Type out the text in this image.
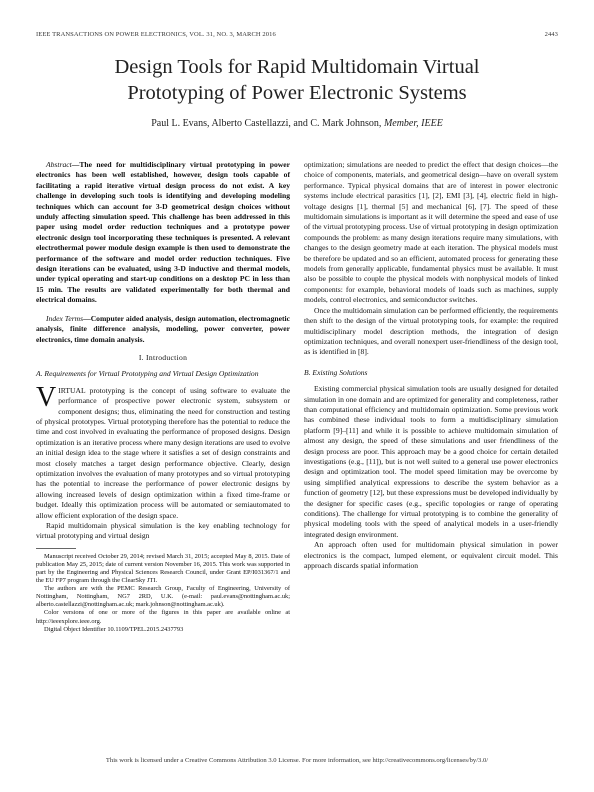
IEEE TRANSACTIONS ON POWER ELECTRONICS, VOL. 31, NO. 3, MARCH 2016	2443
Design Tools for Rapid Multidomain Virtual
Prototyping of Power Electronic Systems
Paul L. Evans, Alberto Castellazzi, and C. Mark Johnson, Member, IEEE

Abstract—The need for multidisciplinary virtual prototyping in power electronics has been well established, however, design tools capable of facilitating a rapid iterative virtual design process do not exist. A key challenge in developing such tools is identifying and developing modeling techniques which can account for 3-D geometrical design choices without unduly affecting simulation speed. This challenge has been addressed in this paper using model order reduction techniques and a prototype power electronic design tool incorporating these techniques is presented. A relevant electrothermal power module design example is then used to demonstrate the performance of the software and model order reduction techniques. Five design iterations can be evaluated, using 3-D inductive and thermal models, under typical operating and start-up conditions on a desktop PC in less than 15 min. The results are validated experimentally for both thermal and electrical domains.

Index Terms—Computer aided analysis, design automation, electromagnetic analysis, finite difference analysis, modeling, power converter, power electronics, time domain analysis.

I. Introduction
A. Requirements for Virtual Prototyping and Virtual Design Optimization

VIRTUAL prototyping is the concept of using software to evaluate the performance of prospective power electronic system, subsystem or component designs; thus, eliminating the need for construction and testing of physical prototypes. Virtual prototyping therefore has the potential to reduce the time and cost involved in evaluating the performance of proposed designs. Design optimization is an iterative process where many design iterations are used to evolve an initial design idea to the stage where it satisfies a set of design constraints and most closely matches a target design performance objective. Clearly, design optimization involves the evaluation of many prototypes and so virtual prototyping has the potential to increase the performance of power electronic designs by allowing increased levels of design optimization within a fixed time-frame or budget. Ideally this optimization process will be automated or semiautomated to allow efficient exploration of the design space.

Rapid multidomain physical simulation is the key enabling technology for virtual prototyping and virtual design

Manuscript received October 29, 2014; revised March 31, 2015; accepted May 8, 2015. Date of publication May 25, 2015; date of current version November 16, 2015. This work was supported in part by the Engineering and Physical Sciences Research Council, under Grant EP/I031367/1 and the EU FP7 program through the ClearSky JTI.

The authors are with the PEMC Research Group, Faculty of Engineering, University of Nottingham, Nottingham, NG7 2RD, U.K. (e-mail: paul.evans@nottingham.ac.uk; alberto.castellazzi@nottingham.ac.uk; mark.johnson@nottingham.ac.uk).

Color versions of one or more of the figures in this paper are available online at http://ieeexplore.ieee.org.

Digital Object Identifier 10.1109/TPEL.2015.2437793

optimization; simulations are needed to predict the effect that design choices—the choice of components, materials, and geometrical design—have on overall system performance. Typical physical domains that are of interest in power electronic systems include electrical parasitics [1], [2], EMI [3], [4], electric field in high-voltage designs [1], thermal [5] and mechanical [6], [7]. The speed of these multidomain simulations is important as it will determine the speed and ease of use of the virtual prototyping process. Use of virtual prototyping in design optimization compounds the problem: as many design iterations require many simulations, with changes to the design geometry made at each iteration. The physical models must be therefore be updated and so an efficient, automated process for generating these models from generally applicable, fundamental physics must be available. It must also be possible to couple the physical models with nonphysical models of linked components: for example, behavioral models of loads such as machines, supply models, control electronics, and semiconductor switches.

Once the multidomain simulation can be performed efficiently, the requirements then shift to the design of the virtual prototyping tools, for example: the required multidisciplinary model description methods, the integration of design optimization techniques, and overall nonexpert user-friendliness of the design tool, as is identified in [8].

B. Existing Solutions

Existing commercial physical simulation tools are usually designed for detailed simulation in one domain and are optimized for generality and completeness, rather than computational efficiency and multidomain optimization. Some previous work has combined these individual tools to form a multidisciplinary simulation platform [9]–[11] and while it is possible to achieve multidomain simulation of almost any design, the speed of these simulations and user friendliness of the design process are poor. This approach may be a good choice for certain detailed investigations (e.g., [11]), but is not well suited to a general use power electronics design and optimization tool. The model speed limitation may be overcome by using simplified analytical expressions to describe the system behavior as a function of geometry [12], but these expressions must be developed individually by the designer for specific cases (e.g., specific topologies or range of operating conditions). The challenge for virtual prototyping is to combine the generality of physical modeling tools with the speed of analytical models in a user-friendly integrated design environment.

An approach often used for multidomain physical simulation in power electronics is the compact, lumped element, or equivalent circuit model. This approach discards spatial information

This work is licensed under a Creative Commons Attribution 3.0 License. For more information, see http://creativecommons.org/licenses/by/3.0/
